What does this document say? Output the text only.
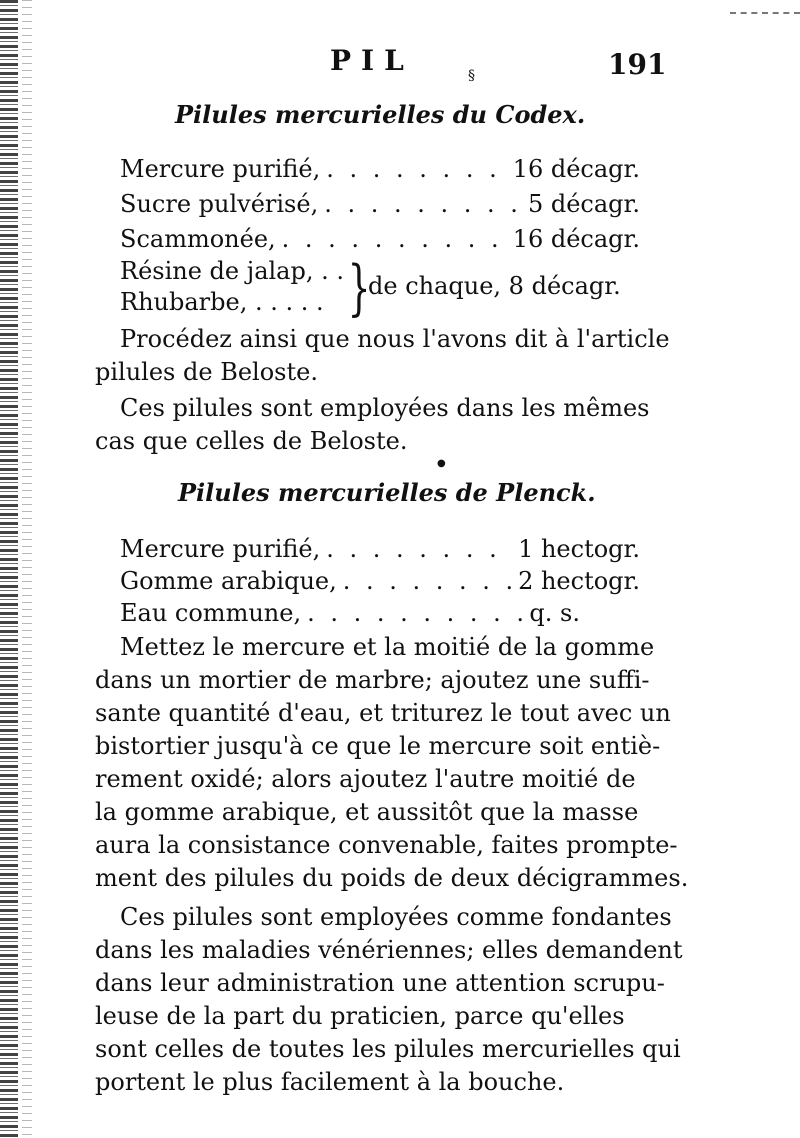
PIL	§	191
Pilules mercurielles du Codex.
Mercure purifié, . . .	16 décagr.
Sucre pulvérisé, . . .	5 décagr.
Scammonée, . . .	16 décagr.
Résine de jalap, . .
Rhubarbe, . . . . . }
de chaque, 8 décagr.
Procédez ainsi que nous l'avons dit à l'article
pilules de Beloste.
Ces pilules sont employées dans les mêmes
cas que celles de Beloste.
●
Pilules mercurielles de Plenck.
Mercure purifié, . . .	1 hectogr.
Gomme arabique, . . .	2 hectogr.
Eau commune, . . .	q. s.
Mettez le mercure et la moitié de la gomme
dans un mortier de marbre; ajoutez une suffi-
sante quantité d'eau, et triturez le tout avec un
bistortier jusqu'à ce que le mercure soit entiè-
rement oxidé; alors ajoutez l'autre moitié de
la gomme arabique, et aussitôt que la masse
aura la consistance convenable, faites prompte-
ment des pilules du poids de deux décigrammes.
Ces pilules sont employées comme fondantes
dans les maladies vénériennes; elles demandent
dans leur administration une attention scrupu-
leuse de la part du praticien, parce qu'elles
sont celles de toutes les pilules mercurielles qui
portent le plus facilement à la bouche.
